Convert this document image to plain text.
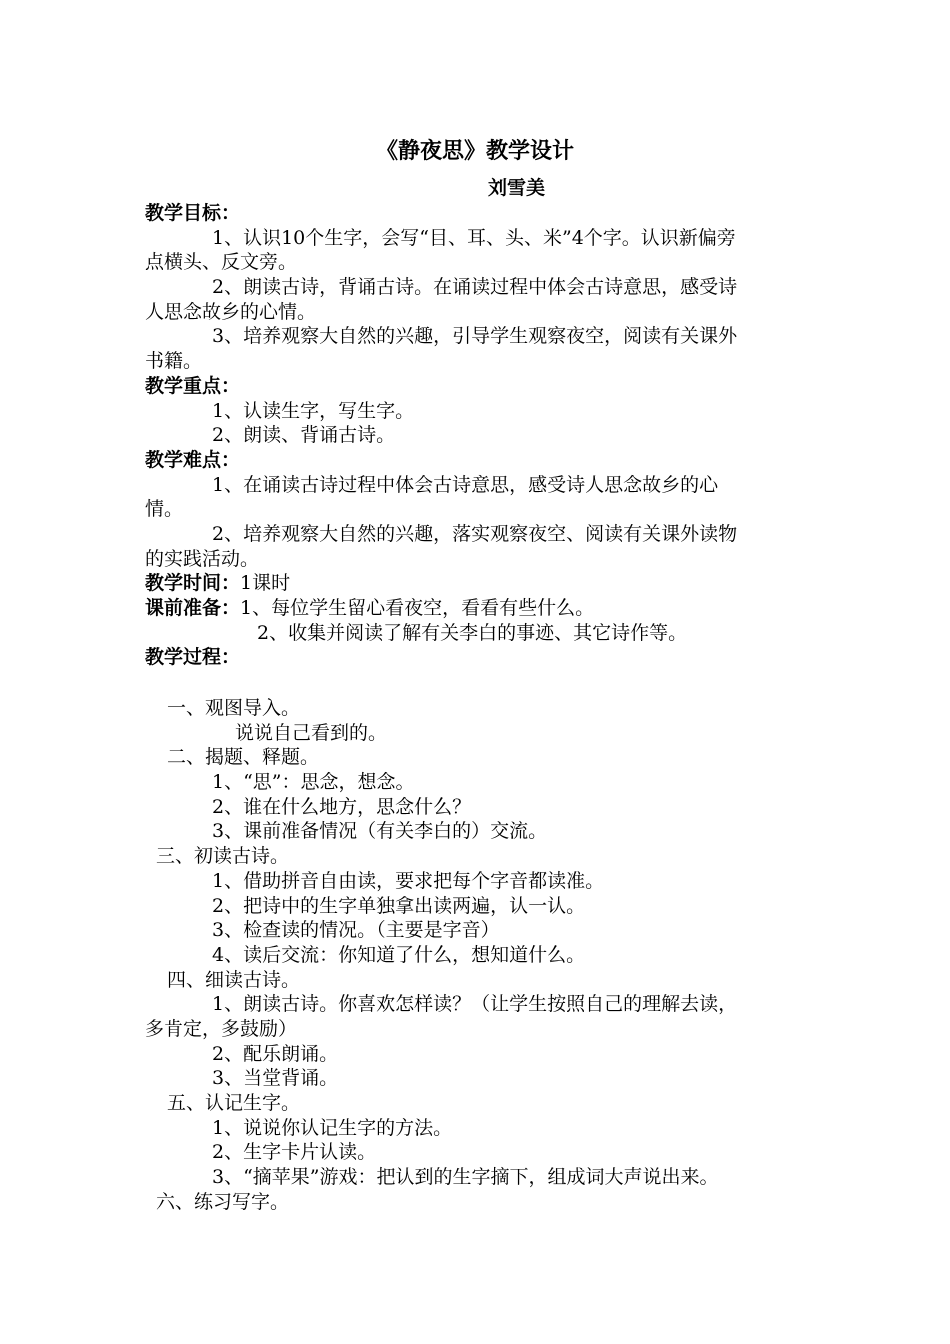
《静夜思》教学设计
刘雪美
教学目标：
1、认识10个生字，会写“目、耳、头、米”4个字。认识新偏旁
点横头、反文旁。
2、朗读古诗，背诵古诗。在诵读过程中体会古诗意思，感受诗
人思念故乡的心情。
3、培养观察大自然的兴趣，引导学生观察夜空，阅读有关课外
书籍。
教学重点：
1、认读生字，写生字。
2、朗读、背诵古诗。
教学难点：
1、在诵读古诗过程中体会古诗意思，感受诗人思念故乡的心
情。
2、培养观察大自然的兴趣，落实观察夜空、阅读有关课外读物
的实践活动。
教学时间：1课时
课前准备：1、每位学生留心看夜空，看看有些什么。
2、收集并阅读了解有关李白的事迹、其它诗作等。
教学过程：
一、观图导入。
说说自己看到的。
二、揭题、释题。
1、“思”：思念，想念。
2、谁在什么地方，思念什么？
3、课前准备情况（有关李白的）交流。
三、初读古诗。
1、借助拼音自由读，要求把每个字音都读准。
2、把诗中的生字单独拿出读两遍，认一认。
3、检查读的情况。（主要是字音）
4、读后交流：你知道了什么，想知道什么。
四、细读古诗。
1、朗读古诗。你喜欢怎样读？（让学生按照自己的理解去读，
多肯定，多鼓励）
2、配乐朗诵。
3、当堂背诵。
五、认记生字。
1、说说你认记生字的方法。
2、生字卡片认读。
3、“摘苹果”游戏：把认到的生字摘下，组成词大声说出来。
六、练习写字。
